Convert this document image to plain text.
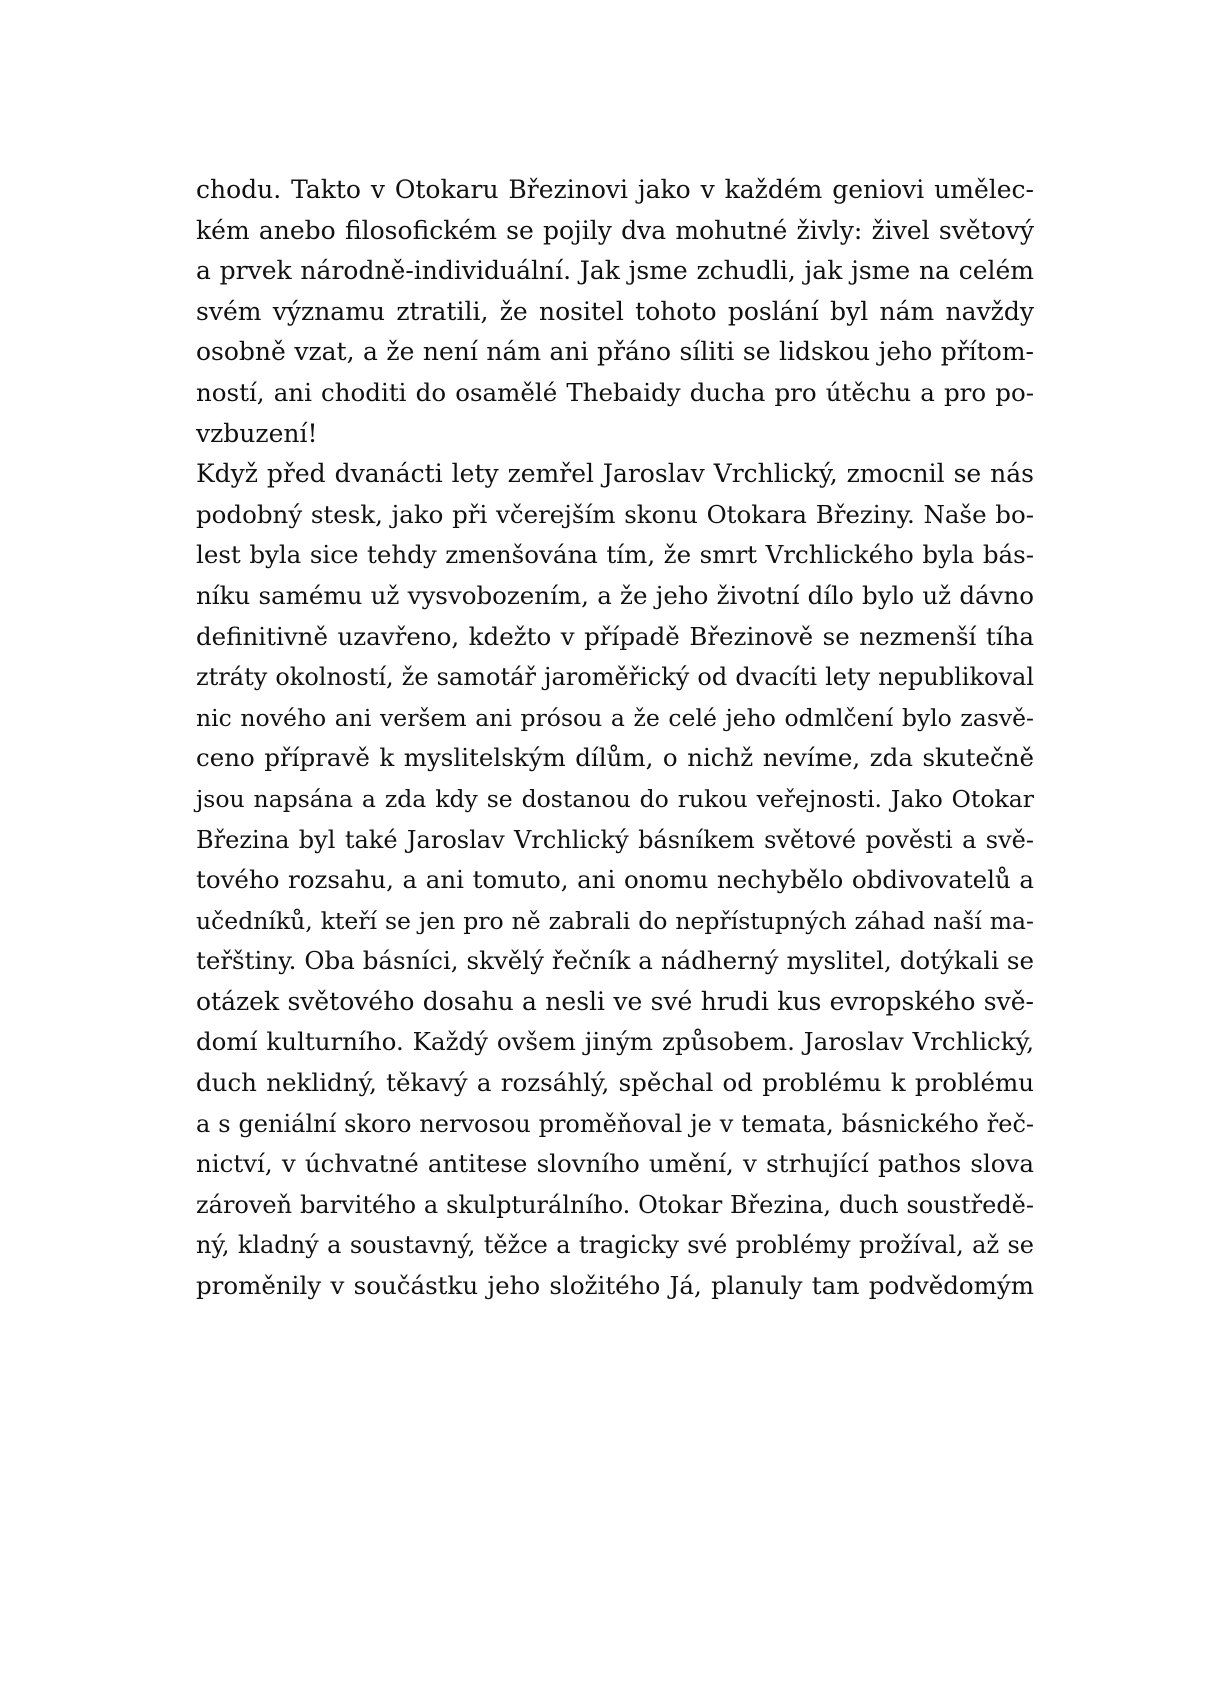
chodu. Takto v Otokaru Březinovi jako v každém geniovi umělec-
kém anebo filosofickém se pojily dva mohutné živly: živel světový
a prvek národně-individuální. Jak jsme zchudli, jak jsme na celém
svém významu ztratili, že nositel tohoto poslání byl nám navždy
osobně vzat, a že není nám ani přáno síliti se lidskou jeho přítom-
ností, ani choditi do osamělé Thebaidy ducha pro útěchu a pro po-
vzbuzení!
Když před dvanácti lety zemřel Jaroslav Vrchlický, zmocnil se nás
podobný stesk, jako při včerejším skonu Otokara Březiny. Naše bo-
lest byla sice tehdy zmenšována tím, že smrt Vrchlického byla bás-
níku samému už vysvobozením, a že jeho životní dílo bylo už dávno
definitivně uzavřeno, kdežto v případě Březinově se nezmenší tíha
ztráty okolností, že samotář jaroměřický od dvacíti lety nepublikoval
nic nového ani veršem ani prósou a že celé jeho odmlčení bylo zasvě-
ceno přípravě k myslitelským dílům, o nichž nevíme, zda skutečně
jsou napsána a zda kdy se dostanou do rukou veřejnosti. Jako Otokar
Březina byl také Jaroslav Vrchlický básníkem světové pověsti a svě-
tového rozsahu, a ani tomuto, ani onomu nechybělo obdivovatelů a
učedníků, kteří se jen pro ně zabrali do nepřístupných záhad naší ma-
teřštiny. Oba básníci, skvělý řečník a nádherný myslitel, dotýkali se
otázek světového dosahu a nesli ve své hrudi kus evropského svě-
domí kulturního. Každý ovšem jiným způsobem. Jaroslav Vrchlický,
duch neklidný, těkavý a rozsáhlý, spěchal od problému k problému
a s geniální skoro nervosou proměňoval je v temata, básnického řeč-
nictví, v úchvatné antitese slovního umění, v strhující pathos slova
zároveň barvitého a skulpturálního. Otokar Březina, duch soustředě-
ný, kladný a soustavný, těžce a tragicky své problémy prožíval, až se
proměnily v součástku jeho složitého Já, planuly tam podvědomým
